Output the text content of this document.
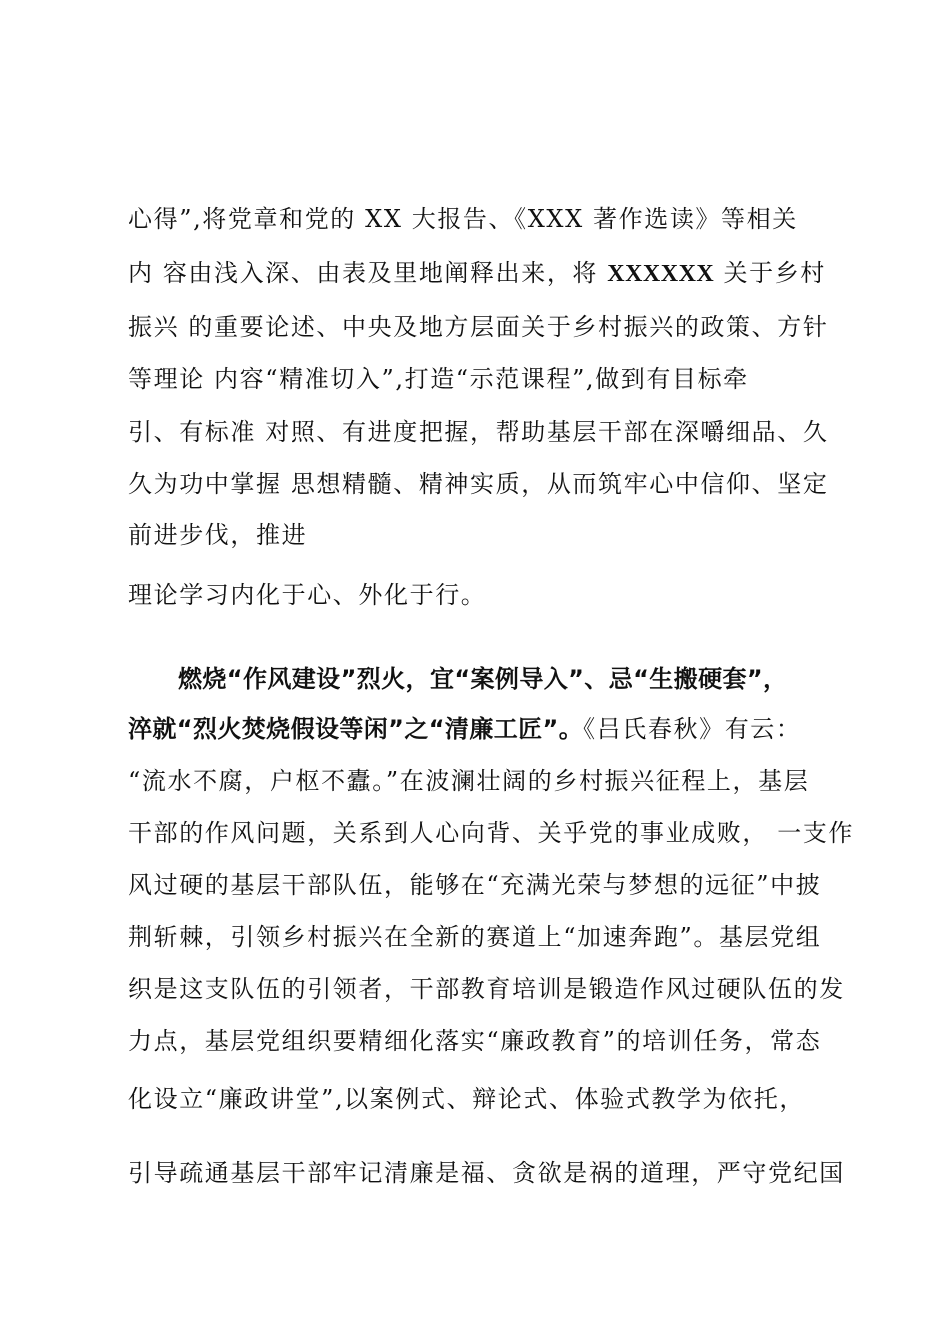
心得”,将党章和党的 XX 大报告、《XXX 著作选读》等相关
内 容由浅入深、由表及里地阐释出来，将 XXXXXX 关于乡村
振兴 的重要论述、中央及地方层面关于乡村振兴的政策、方针
等理论 内容“精准切入”,打造“示范课程”,做到有目标牵
引、有标准 对照、有进度把握，帮助基层干部在深嚼细品、久
久为功中掌握 思想精髓、精神实质，从而筑牢心中信仰、坚定
前进步伐，推进
理论学习内化于心、外化于行。
燃烧“作风建设”烈火，宜“案例导入”、忌“生搬硬套”，
淬就“烈火焚烧假设等闲”之“清廉工匠”。《吕氏春秋》有云：
“流水不腐，户枢不蠹。”在波澜壮阔的乡村振兴征程上，基层
干部的作风问题，关系到人心向背、关乎党的事业成败， 一支作
风过硬的基层干部队伍，能够在“充满光荣与梦想的远征”中披
荆斩棘，引领乡村振兴在全新的赛道上“加速奔跑”。基层党组
织是这支队伍的引领者，干部教育培训是锻造作风过硬队伍的发
力点，基层党组织要精细化落实“廉政教育”的培训任务，常态
化设立“廉政讲堂”,以案例式、辩论式、体验式教学为依托，
引导疏通基层干部牢记清廉是福、贪欲是祸的道理，严守党纪国
